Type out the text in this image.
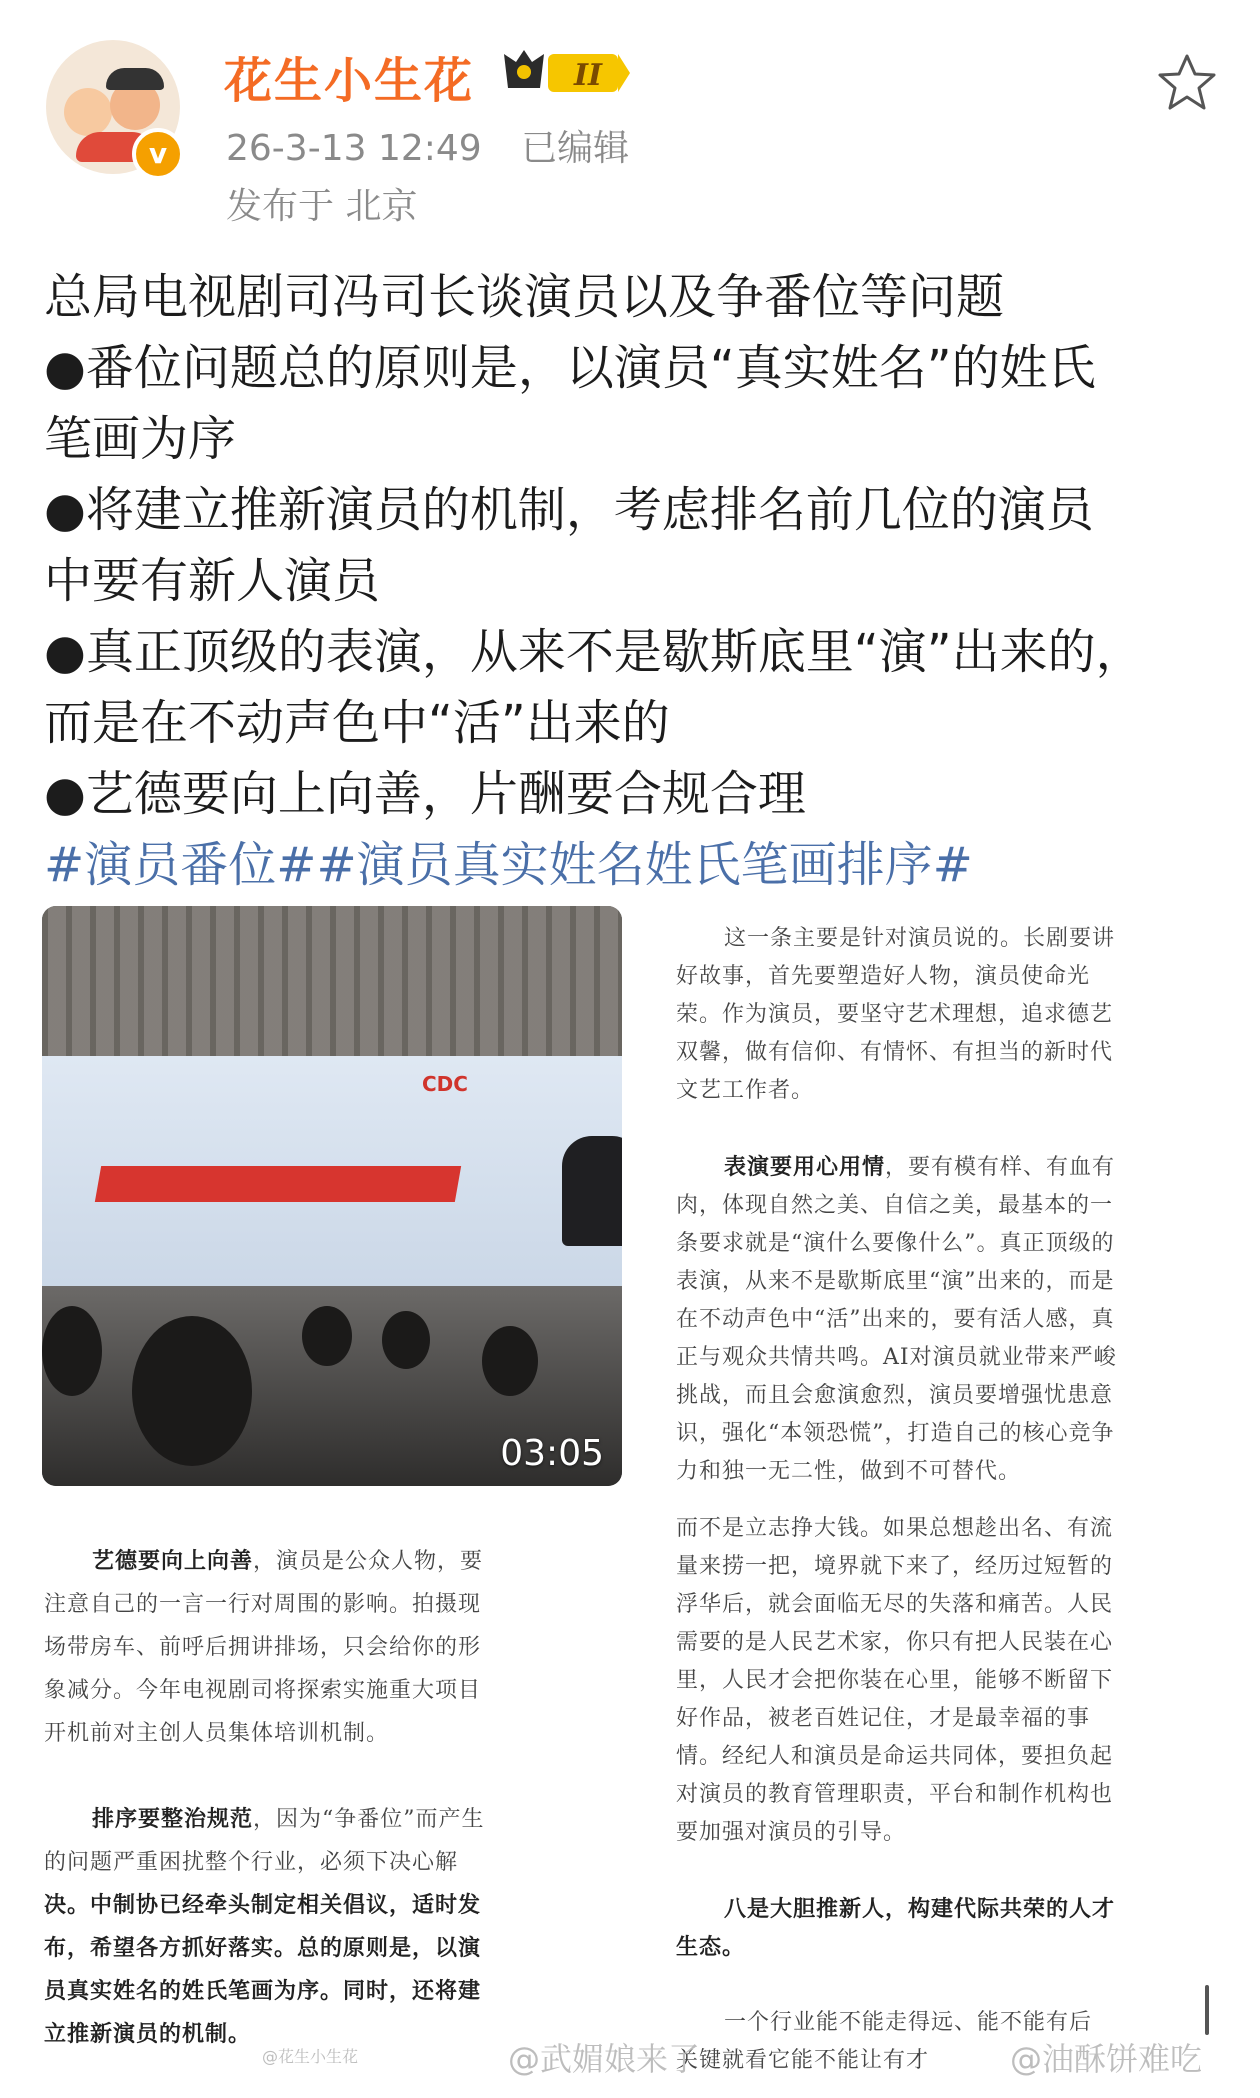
v
花生小生花	II
26-3-13 12:49 已编辑
发布于 北京
总局电视剧司冯司长谈演员以及争番位等问题
●番位问题总的原则是，以演员“真实姓名”的姓氏
笔画为序
●将建立推新演员的机制，考虑排名前几位的演员
中要有新人演员
●真正顶级的表演，从来不是歇斯底里“演”出来的，
而是在不动声色中“活”出来的
●艺德要向上向善，片酬要合规合理
#演员番位##演员真实姓名姓氏笔画排序#
CDC
03:05
这一条主要是针对演员说的。长剧要讲
好故事，首先要塑造好人物，演员使命光
荣。作为演员，要坚守艺术理想，追求德艺
双馨，做有信仰、有情怀、有担当的新时代
文艺工作者。
表演要用心用情，要有模有样、有血有
肉，体现自然之美、自信之美，最基本的一
条要求就是“演什么要像什么”。真正顶级的
表演，从来不是歇斯底里“演”出来的，而是
在不动声色中“活”出来的，要有活人感，真
正与观众共情共鸣。AI对演员就业带来严峻
挑战，而且会愈演愈烈，演员要增强忧患意
识，强化“本领恐慌”，打造自己的核心竞争
力和独一无二性，做到不可替代。
而不是立志挣大钱。如果总想趁出名、有流
量来捞一把，境界就下来了，经历过短暂的
浮华后，就会面临无尽的失落和痛苦。人民
需要的是人民艺术家，你只有把人民装在心
里，人民才会把你装在心里，能够不断留下
好作品，被老百姓记住，才是最幸福的事
情。经纪人和演员是命运共同体，要担负起
对演员的教育管理职责，平台和制作机构也
要加强对演员的引导。
八是大胆推新人，构建代际共荣的人才
生态。
一个行业能不能走得远、能不能有后
关键就看它能不能让有才
艺德要向上向善，演员是公众人物，要
注意自己的一言一行对周围的影响。拍摄现
场带房车、前呼后拥讲排场，只会给你的形
象减分。今年电视剧司将探索实施重大项目
开机前对主创人员集体培训机制。
排序要整治规范，因为“争番位”而产生
的问题严重困扰整个行业，必须下决心解
决。中制协已经牵头制定相关倡议，适时发
布，希望各方抓好落实。总的原则是，以演
员真实姓名的姓氏笔画为序。同时，还将建
立推新演员的机制。
@武媚娘来了	@油酥饼难吃
@花生小生花
